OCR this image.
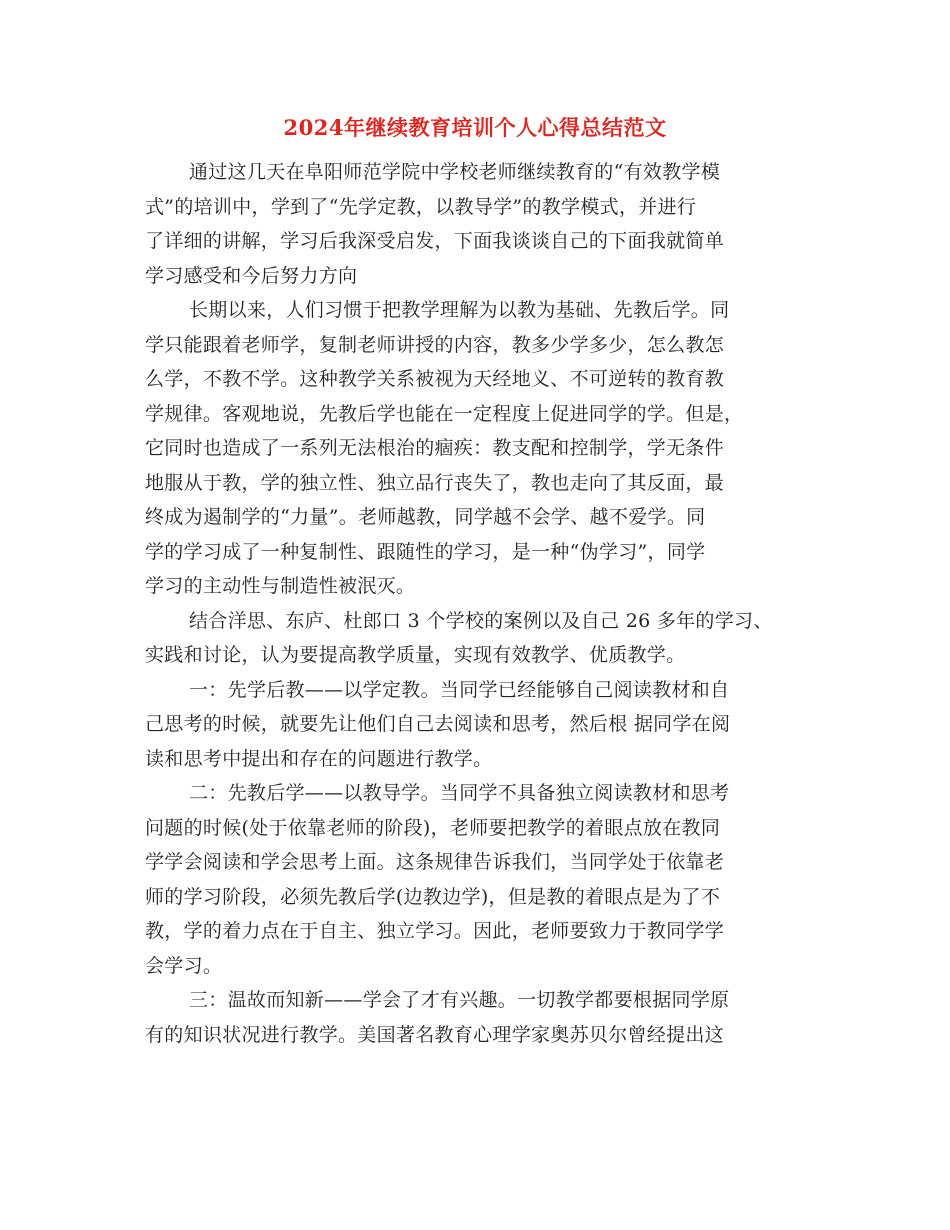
2024年继续教育培训个人心得总结范文
通过这几天在阜阳师范学院中学校老师继续教育的“有效教学模
式”的培训中，学到了“先学定教，以教导学”的教学模式，并进行
了详细的讲解，学习后我深受启发，下面我谈谈自己的下面我就简单
学习感受和今后努力方向
长期以来，人们习惯于把教学理解为以教为基础、先教后学。同
学只能跟着老师学，复制老师讲授的内容，教多少学多少，怎么教怎
么学，不教不学。这种教学关系被视为天经地义、不可逆转的教育教
学规律。客观地说，先教后学也能在一定程度上促进同学的学。但是，
它同时也造成了一系列无法根治的痼疾：教支配和控制学，学无条件
地服从于教，学的独立性、独立品行丧失了，教也走向了其反面，最
终成为遏制学的“力量”。老师越教，同学越不会学、越不爱学。同
学的学习成了一种复制性、跟随性的学习，是一种“伪学习”，同学
学习的主动性与制造性被泯灭。
结合洋思、东庐、杜郎口 3 个学校的案例以及自己 26 多年的学习、
实践和讨论，认为要提高教学质量，实现有效教学、优质教学。
一：先学后教——以学定教。当同学已经能够自己阅读教材和自
己思考的时候，就要先让他们自己去阅读和思考，然后根 据同学在阅
读和思考中提出和存在的问题进行教学。
二：先教后学——以教导学。当同学不具备独立阅读教材和思考
问题的时候(处于依靠老师的阶段)，老师要把教学的着眼点放在教同
学学会阅读和学会思考上面。这条规律告诉我们，当同学处于依靠老
师的学习阶段，必须先教后学(边教边学)，但是教的着眼点是为了不
教，学的着力点在于自主、独立学习。因此，老师要致力于教同学学
会学习。
三：温故而知新——学会了才有兴趣。一切教学都要根据同学原
有的知识状况进行教学。美国著名教育心理学家奥苏贝尔曾经提出这
